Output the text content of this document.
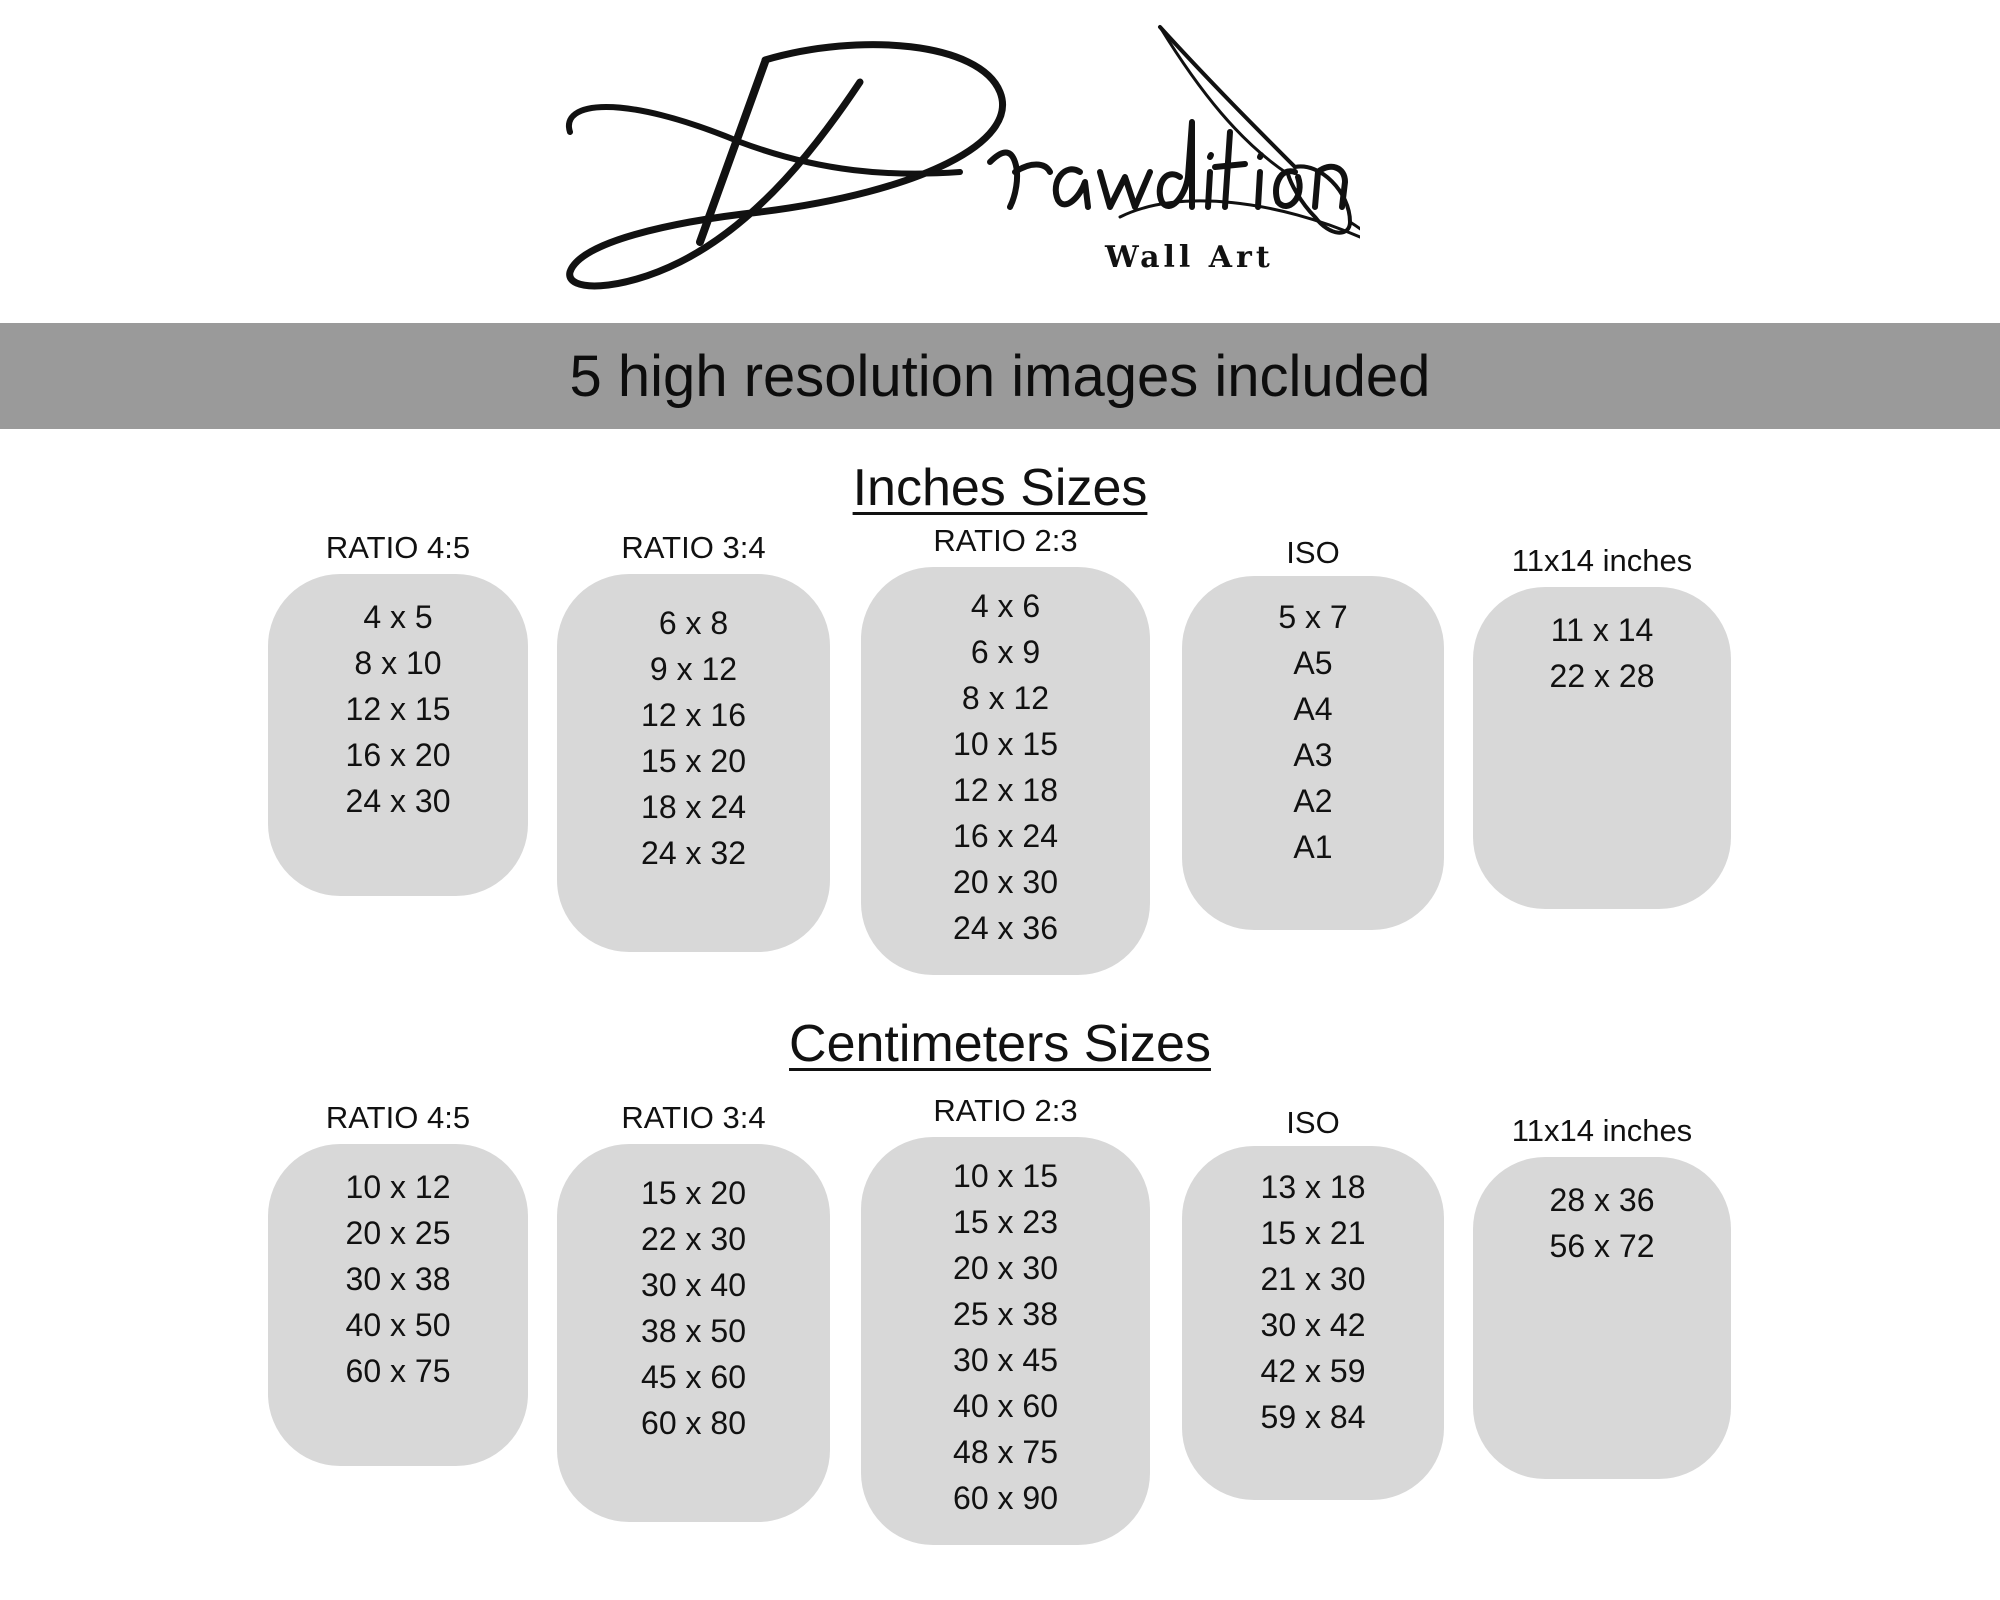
Wall Art
5 high resolution images included
Inches Sizes
RATIO 4:5
4 x 5
8 x 10
12 x 15
16 x 20
24 x 30
RATIO 3:4
6 x 8
9 x 12
12 x 16
15 x 20
18 x 24
24 x 32
RATIO 2:3
4 x 6
6 x 9
8 x 12
10 x 15
12 x 18
16 x 24
20 x 30
24 x 36
ISO
5 x 7
A5
A4
A3
A2
A1
11x14 inches
11 x 14
22 x 28
Centimeters Sizes
RATIO 4:5
10 x 12
20 x 25
30 x 38
40 x 50
60 x 75
RATIO 3:4
15 x 20
22 x 30
30 x 40
38 x 50
45 x 60
60 x 80
RATIO 2:3
10 x 15
15 x 23
20 x 30
25 x 38
30 x 45
40 x 60
48 x 75
60 x 90
ISO
13 x 18
15 x 21
21 x 30
30 x 42
42 x 59
59 x 84
11x14 inches
28 x 36
56 x 72
